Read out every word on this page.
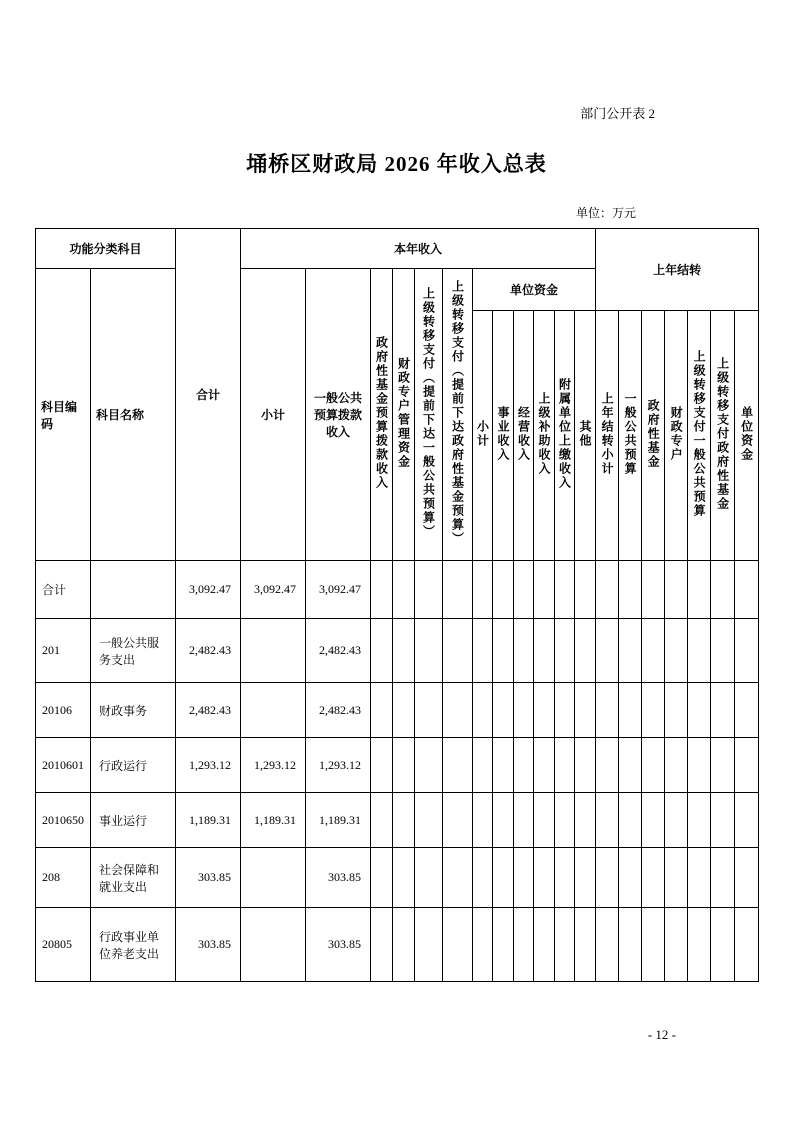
部门公开表 2
埇桥区财政局 2026 年收入总表
单位：万元
功能分类科目		合计	本年收入												上年结转						
科目编码	科目名称		小计	一般公共预算拨款收入	政府性基金预算拨款收入	财政专户管理资金	上级转移支付（提前下达一般公共预算）	上级转移支付（提前下达政府性基金预算）	单位资金												
									小计	事业收入	经营收入	上级补助收入	附属单位上缴收入	其他	上年结转小计	一般公共预算	政府性基金	财政专户	上级转移支付一般公共预算	上级转移支付政府性基金	单位资金
合计		3,092.47	3,092.47	3,092.47																	
201	一般公共服务支出	2,482.43		2,482.43																	
20106	财政事务	2,482.43		2,482.43																	
2010601	行政运行	1,293.12	1,293.12	1,293.12																	
2010650	事业运行	1,189.31	1,189.31	1,189.31																	
208	社会保障和就业支出	303.85		303.85																	
20805	行政事业单位养老支出	303.85		303.85																	
- 12 -
